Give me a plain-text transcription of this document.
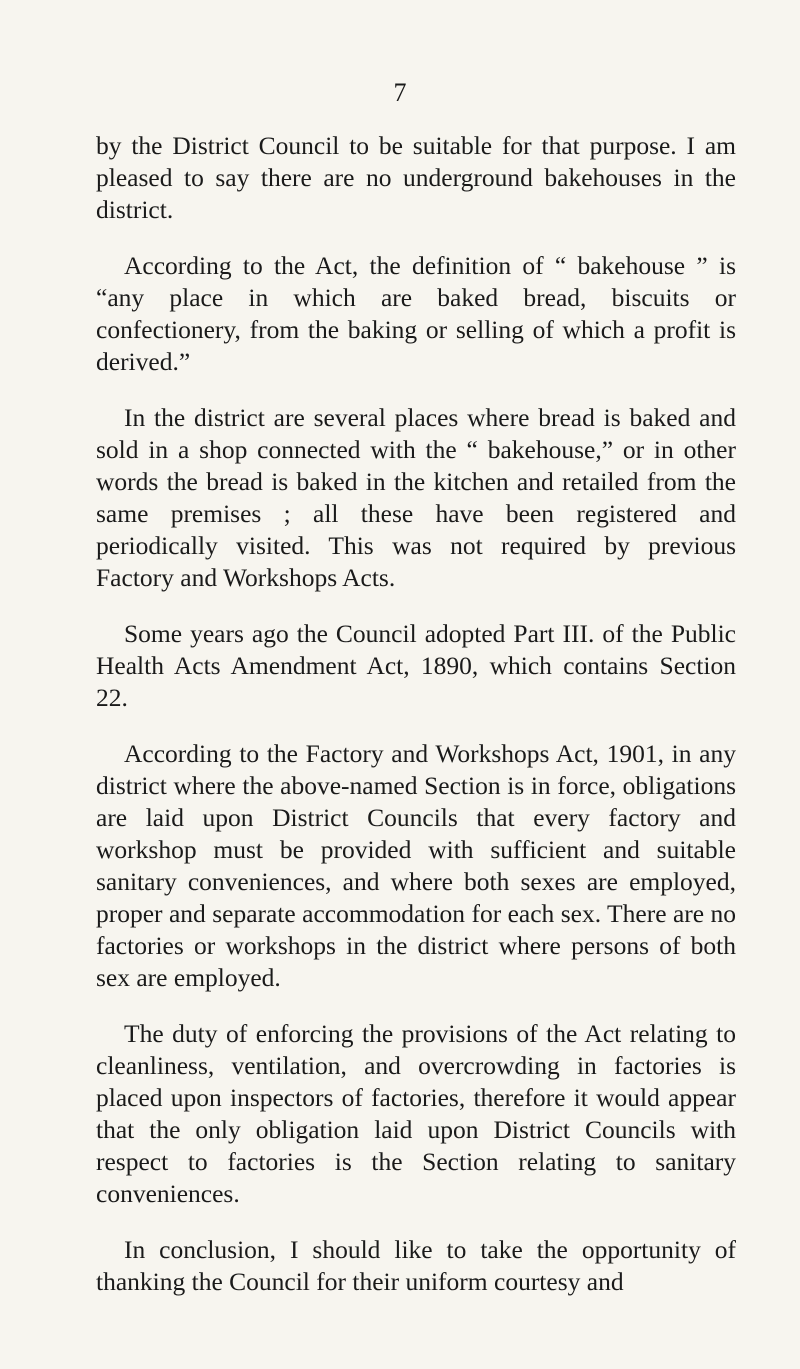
7

by the District Council to be suitable for that purpose. I am pleased to say there are no underground bakehouses in the district.

According to the Act, the definition of “ bakehouse ” is “any place in which are baked bread, biscuits or confectionery, from the baking or selling of which a profit is derived.”

In the district are several places where bread is baked and sold in a shop connected with the “ bakehouse,” or in other words the bread is baked in the kitchen and retailed from the same premises ; all these have been registered and periodically visited. This was not required by previous Factory and Workshops Acts.

Some years ago the Council adopted Part III. of the Public Health Acts Amendment Act, 1890, which contains Section 22.

According to the Factory and Workshops Act, 1901, in any district where the above-named Section is in force, obligations are laid upon District Councils that every factory and workshop must be provided with sufficient and suitable sanitary conveniences, and where both sexes are employed, proper and separate accommodation for each sex. There are no factories or workshops in the district where persons of both sex are employed.

The duty of enforcing the provisions of the Act relating to cleanliness, ventilation, and overcrowding in factories is placed upon inspectors of factories, therefore it would appear that the only obligation laid upon District Councils with respect to factories is the Section relating to sanitary conveniences.

In conclusion, I should like to take the opportunity of thanking the Council for their uniform courtesy and
